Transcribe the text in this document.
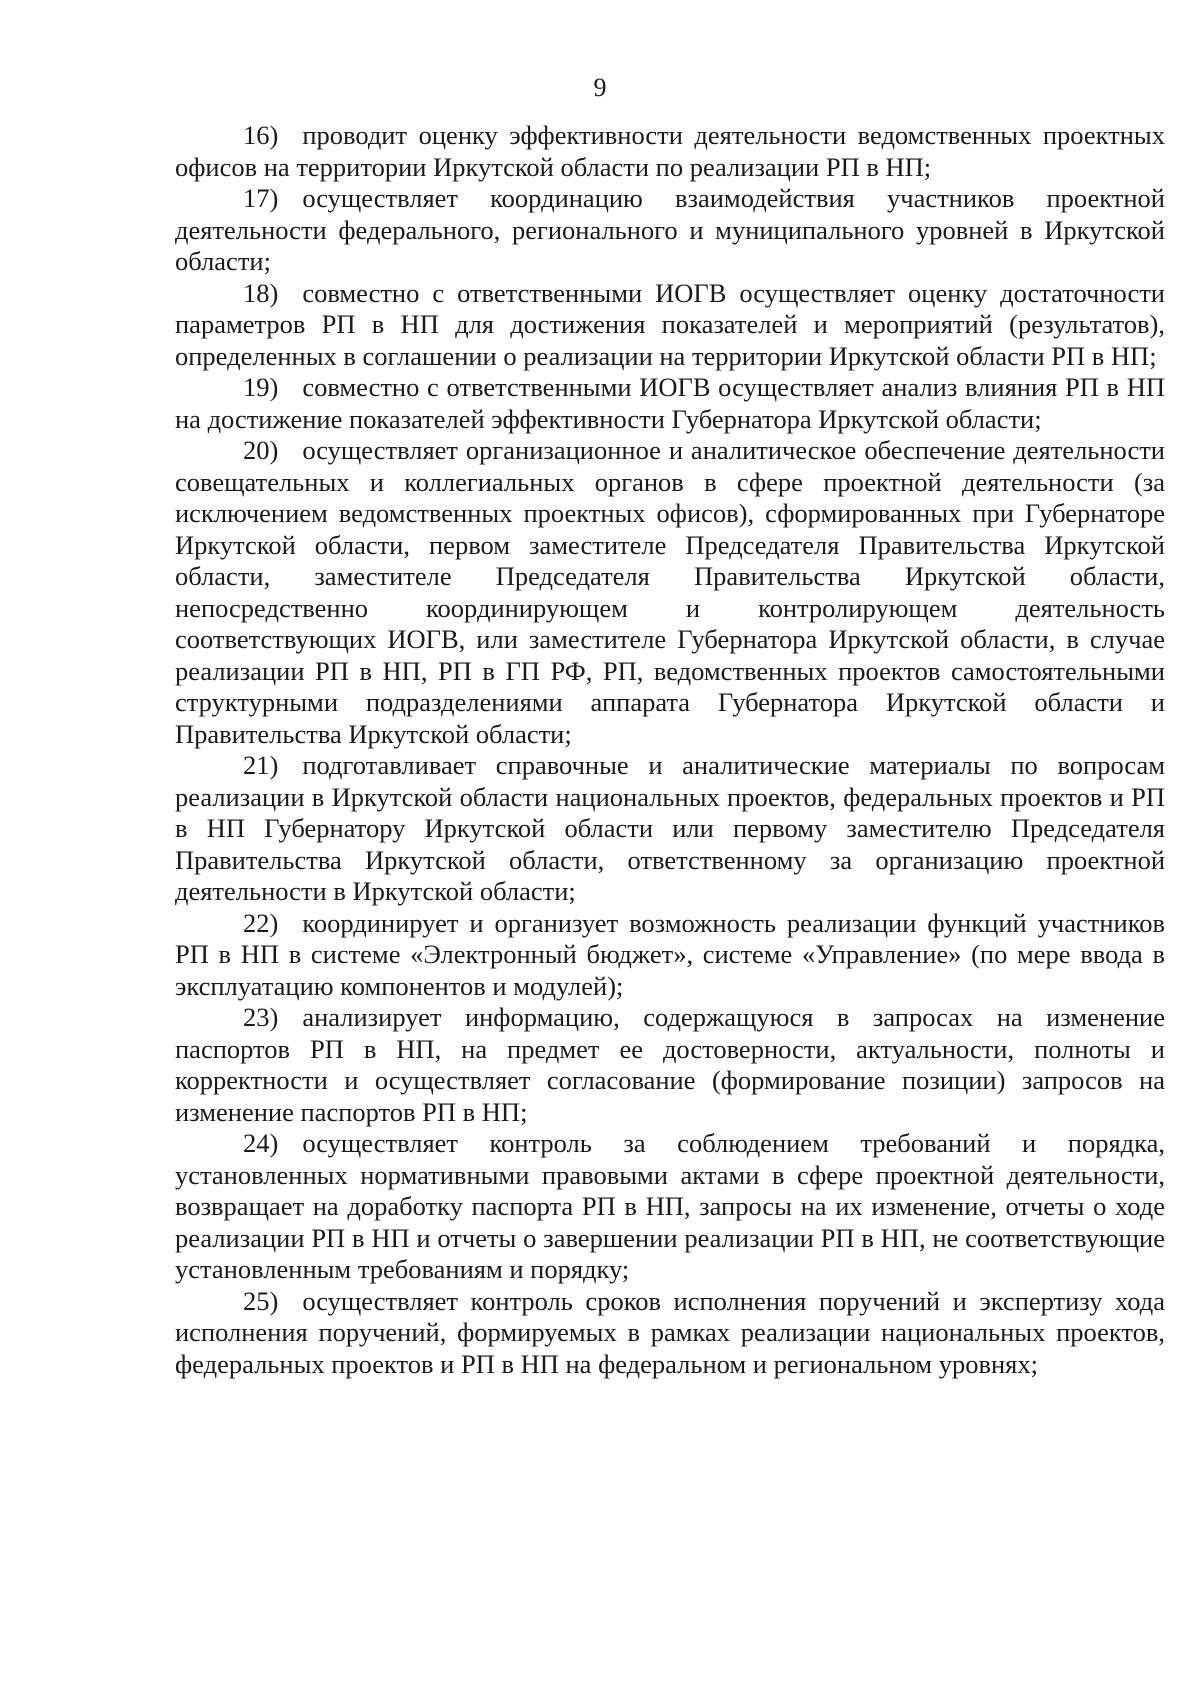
9

16) проводит оценку эффективности деятельности ведомственных проектных офисов на территории Иркутской области по реализации РП в НП;

17) осуществляет координацию взаимодействия участников проектной деятельности федерального, регионального и муниципального уровней в Иркутской области;

18) совместно с ответственными ИОГВ осуществляет оценку достаточности параметров РП в НП для достижения показателей и мероприятий (результатов), определенных в соглашении о реализации на территории Иркутской области РП в НП;

19) совместно с ответственными ИОГВ осуществляет анализ влияния РП в НП на достижение показателей эффективности Губернатора Иркутской области;

20) осуществляет организационное и аналитическое обеспечение деятельности совещательных и коллегиальных органов в сфере проектной деятельности (за исключением ведомственных проектных офисов), сформированных при Губернаторе Иркутской области, первом заместителе Председателя Правительства Иркутской области, заместителе Председателя Правительства Иркутской области, непосредственно координирующем и контролирующем деятельность соответствующих ИОГВ, или заместителе Губернатора Иркутской области, в случае реализации РП в НП, РП в ГП РФ, РП, ведомственных проектов самостоятельными структурными подразделениями аппарата Губернатора Иркутской области и Правительства Иркутской области;

21) подготавливает справочные и аналитические материалы по вопросам реализации в Иркутской области национальных проектов, федеральных проектов и РП в НП Губернатору Иркутской области или первому заместителю Председателя Правительства Иркутской области, ответственному за организацию проектной деятельности в Иркутской области;

22) координирует и организует возможность реализации функций участников РП в НП в системе «Электронный бюджет», системе «Управление» (по мере ввода в эксплуатацию компонентов и модулей);

23) анализирует информацию, содержащуюся в запросах на изменение паспортов РП в НП, на предмет ее достоверности, актуальности, полноты и корректности и осуществляет согласование (формирование позиции) запросов на изменение паспортов РП в НП;

24) осуществляет контроль за соблюдением требований и порядка, установленных нормативными правовыми актами в сфере проектной деятельности, возвращает на доработку паспорта РП в НП, запросы на их изменение, отчеты о ходе реализации РП в НП и отчеты о завершении реализации РП в НП, не соответствующие установленным требованиям и порядку;

25) осуществляет контроль сроков исполнения поручений и экспертизу хода исполнения поручений, формируемых в рамках реализации национальных проектов, федеральных проектов и РП в НП на федеральном и региональном уровнях;
